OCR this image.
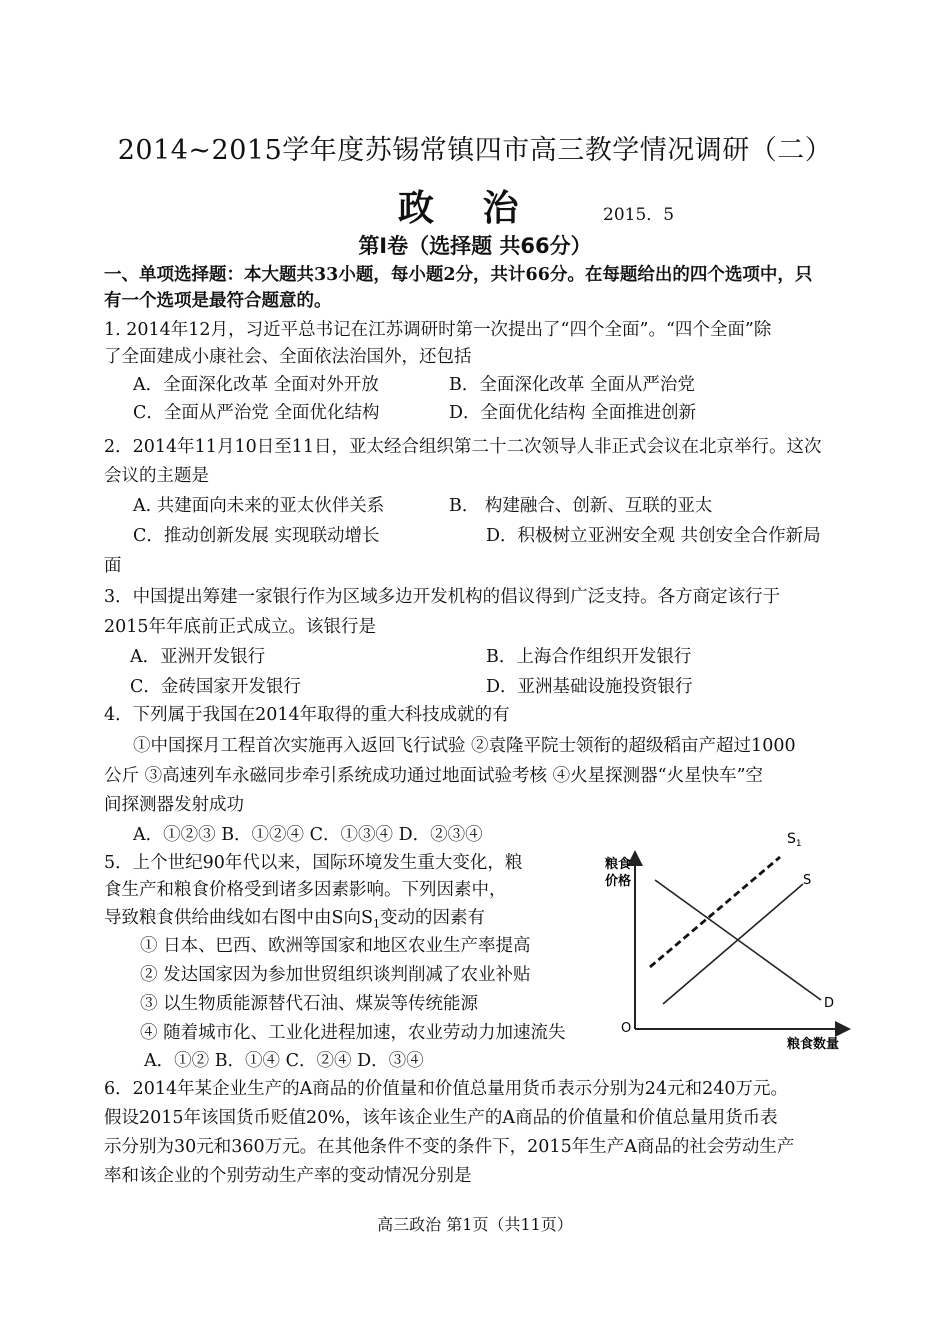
2014~2015学年度苏锡常镇四市高三教学情况调研（二）
政 治	2015．5
第Ⅰ卷（选择题 共66分）
一、单项选择题：本大题共33小题，每小题2分，共计66分。在每题给出的四个选项中，只
有一个选项是最符合题意的。
1. 2014年12月，习近平总书记在江苏调研时第一次提出了“四个全面”。“四个全面”除
了全面建成小康社会、全面依法治国外，还包括
A．全面深化改革 全面对外开放	B．全面深化改革 全面从严治党
C．全面从严治党 全面优化结构	D．全面优化结构 全面推进创新
2．2014年11月10日至11日，亚太经合组织第二十二次领导人非正式会议在北京举行。这次
会议的主题是
A. 共建面向未来的亚太伙伴关系	B． 构建融合、创新、互联的亚太
C．推动创新发展 实现联动增长	D．积极树立亚洲安全观 共创安全合作新局
面
3．中国提出筹建一家银行作为区域多边开发机构的倡议得到广泛支持。各方商定该行于
2015年年底前正式成立。该银行是
A．亚洲开发银行	B．上海合作组织开发银行
C．金砖国家开发银行	D．亚洲基础设施投资银行
4．下列属于我国在2014年取得的重大科技成就的有
①中国探月工程首次实施再入返回飞行试验 ②袁隆平院士领衔的超级稻亩产超过1000
公斤 ③高速列车永磁同步牵引系统成功通过地面试验考核 ④火星探测器“火星快车”空
间探测器发射成功
A．①②③ B．①②④ C．①③④ D．②③④
5．上个世纪90年代以来，国际环境发生重大变化，粮
食生产和粮食价格受到诸多因素影响。下列因素中，
导致粮食供给曲线如右图中由S向$S_1$变动的因素有
① 日本、巴西、欧洲等国家和地区农业生产率提高
② 发达国家因为参加世贸组织谈判削减了农业补贴
③ 以生物质能源替代石油、煤炭等传统能源
④ 随着城市化、工业化进程加速，农业劳动力加速流失
A．①② B．①④ C．②④ D．③④
粮食
价格
粮食数量
O
$S_1$
S
D
6．2014年某企业生产的A商品的价值量和价值总量用货币表示分别为24元和240万元。
假设2015年该国货币贬值20%，该年该企业生产的A商品的价值量和价值总量用货币表
示分别为30元和360万元。在其他条件不变的条件下，2015年生产A商品的社会劳动生产
率和该企业的个别劳动生产率的变动情况分别是
高三政治 第1页（共11页）
